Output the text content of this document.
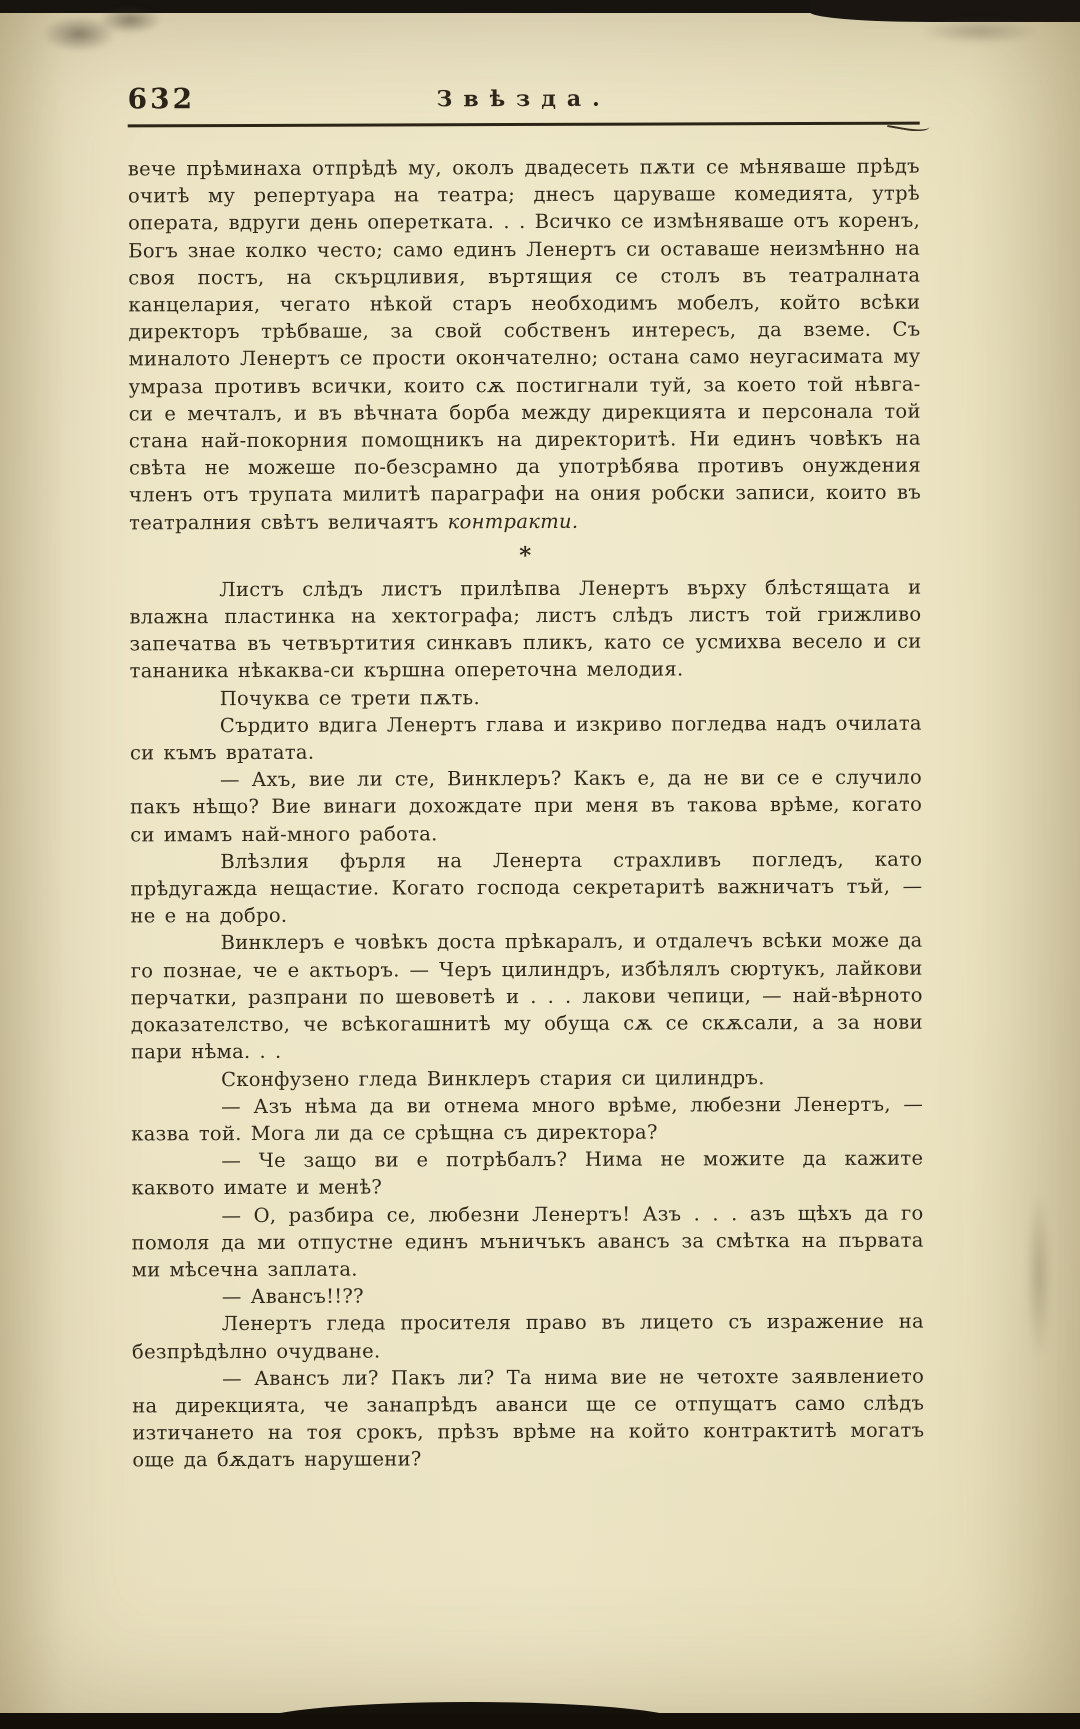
632	Звѣзда.

вече прѣминаха отпрѣдѣ му, околъ двадесеть пѫти се мѣняваше прѣдъ очитѣ му репертуара на театра; днесъ царуваше комедията, утрѣ операта, вдруги день оперетката. . . Всичко се измѣняваше отъ коренъ, Богъ знае колко често; само единъ Ленертъ си оставаше неизмѣнно на своя постъ, на скърцливия, въртящия се столъ въ театралната канцелария, чегато нѣкой старъ необходимъ мобелъ, който всѣки директоръ трѣбваше, за свой собственъ интересъ, да вземе. Съ миналото Ленертъ се прости окончателно; остана само неугасимата му умраза противъ всички, които сѫ постигнали туй, за което той нѣвга-си е мечталъ, и въ вѣчната борба между дирекцията и персонала той стана най-покорния помощникъ на директоритѣ. Ни единъ човѣкъ на свѣта не можеше по-безсрамно да употрѣбява противъ онуждения членъ отъ трупата милитѣ параграфи на ония робски записи, които въ театралния свѣтъ величаятъ контракти.

*

Листъ слѣдъ листъ прилѣпва Ленертъ върху блѣстящата и влажна пластинка на хектографа; листъ слѣдъ листъ той грижливо запечатва въ четвъртития синкавъ пликъ, като се усмихва весело и си тананика нѣкаква-си кършна опереточна мелодия.

Почуква се трети пѫть.

Сърдито вдига Ленертъ глава и изкриво погледва надъ очилата си къмъ вратата.

— Ахъ, вие ли сте, Винклеръ? Какъ е, да не ви се е случило пакъ нѣщо? Вие винаги дохождате при меня въ такова врѣме, когато си имамъ най-много работа.

Влѣзлия фърля на Ленерта страхливъ погледъ, като прѣдугажда нещастие. Когато господа секретаритѣ важничатъ тъй, — не е на добро.

Винклеръ е човѣкъ доста прѣкаралъ, и отдалечъ всѣки може да го познае, че е актьоръ. — Черъ цилиндръ, избѣлялъ сюртукъ, лайкови перчатки, разпрани по шевоветѣ и . . . лакови чепици, — най-вѣрното доказателство, че всѣкогашнитѣ му обуща сѫ се скѫсали, а за нови пари нѣма. . .

Сконфузено гледа Винклеръ стария си цилиндръ.

— Азъ нѣма да ви отнема много врѣме, любезни Ленертъ, — казва той. Мога ли да се срѣщна съ директора?

— Че защо ви е потрѣбалъ? Нима не можите да кажите каквото имате и менѣ?

— О, разбира се, любезни Ленертъ! Азъ . . . азъ щѣхъ да го помоля да ми отпустне единъ мъничъкъ авансъ за смѣтка на първата ми мѣсечна заплата.

— Авансъ!!??

Ленертъ гледа просителя право въ лицето съ изражение на безпрѣдѣлно очудване.

— Авансъ ли? Пакъ ли? Та нима вие не четохте заявлението на дирекцията, че занапрѣдъ аванси ще се отпущатъ само слѣдъ изтичането на тоя срокъ, прѣзъ врѣме на който контрактитѣ могатъ още да бѫдатъ нарушени?
